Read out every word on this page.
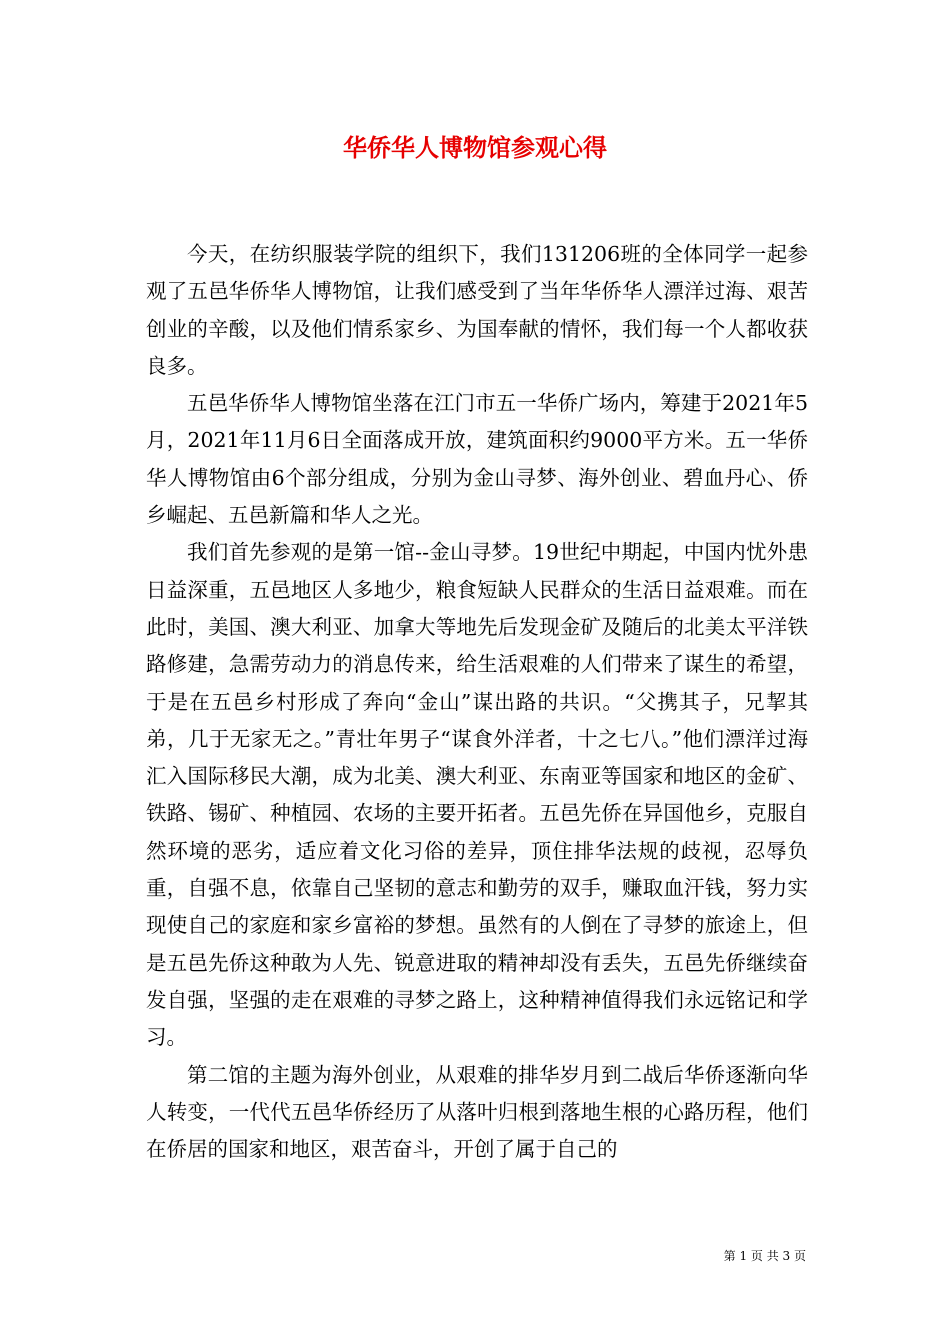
华侨华人博物馆参观心得

今天，在纺织服装学院的组织下，我们131206班的全体同学一起参观了五邑华侨华人博物馆，让我们感受到了当年华侨华人漂洋过海、艰苦创业的辛酸，以及他们情系家乡、为国奉献的情怀，我们每一个人都收获良多。

五邑华侨华人博物馆坐落在江门市五一华侨广场内，筹建于2021年5月，2021年11月6日全面落成开放，建筑面积约9000平方米。五一华侨华人博物馆由6个部分组成，分别为金山寻梦、海外创业、碧血丹心、侨乡崛起、五邑新篇和华人之光。

我们首先参观的是第一馆--金山寻梦。19世纪中期起，中国内忧外患日益深重，五邑地区人多地少，粮食短缺人民群众的生活日益艰难。而在此时，美国、澳大利亚、加拿大等地先后发现金矿及随后的北美太平洋铁路修建，急需劳动力的消息传来，给生活艰难的人们带来了谋生的希望，于是在五邑乡村形成了奔向“金山”谋出路的共识。“父携其子，兄挈其弟，几于无家无之。”青壮年男子“谋食外洋者，十之七八。”他们漂洋过海汇入国际移民大潮，成为北美、澳大利亚、东南亚等国家和地区的金矿、铁路、锡矿、种植园、农场的主要开拓者。五邑先侨在异国他乡，克服自然环境的恶劣，适应着文化习俗的差异，顶住排华法规的歧视，忍辱负重，自强不息，依靠自己坚韧的意志和勤劳的双手，赚取血汗钱，努力实现使自己的家庭和家乡富裕的梦想。虽然有的人倒在了寻梦的旅途上，但是五邑先侨这种敢为人先、锐意进取的精神却没有丢失，五邑先侨继续奋发自强，坚强的走在艰难的寻梦之路上，这种精神值得我们永远铭记和学习。

第二馆的主题为海外创业，从艰难的排华岁月到二战后华侨逐渐向华人转变，一代代五邑华侨经历了从落叶归根到落地生根的心路历程，他们在侨居的国家和地区，艰苦奋斗，开创了属于自己的

第 1 页 共 3 页
